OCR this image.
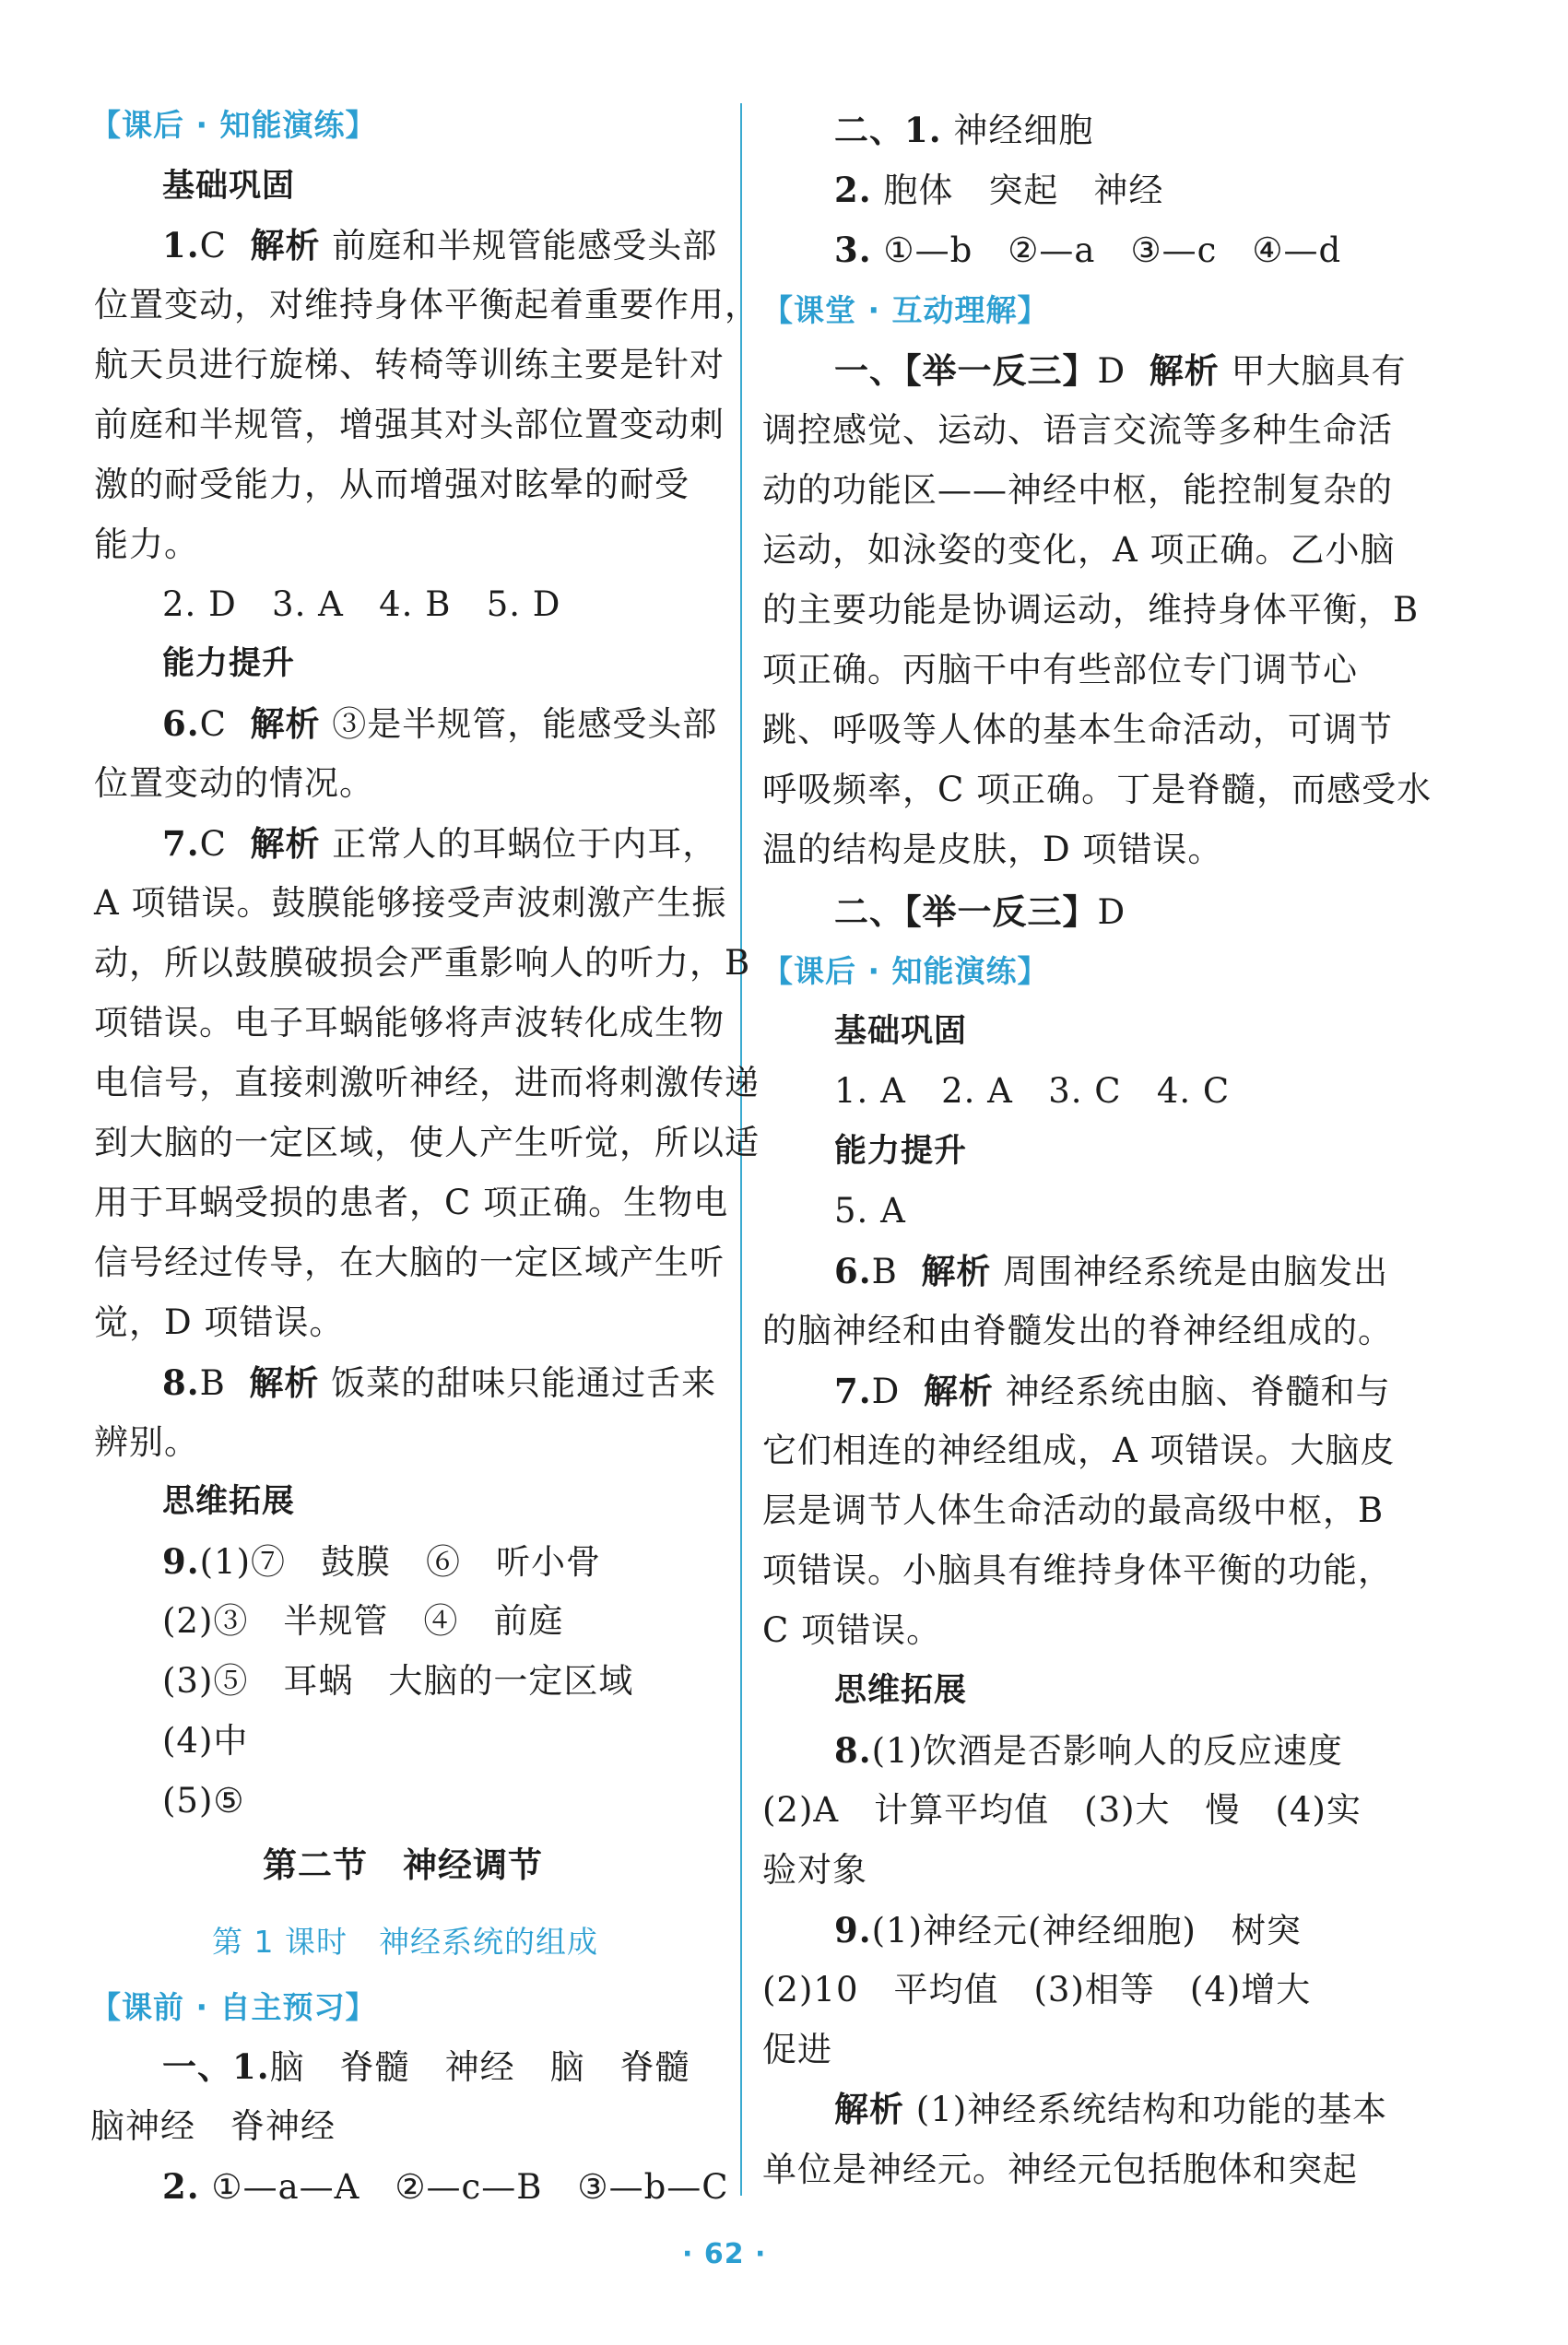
【课后 · 知能演练】
基础巩固
1.C 解析 前庭和半规管能感受头部
位置变动，对维持身体平衡起着重要作用，
航天员进行旋梯、转椅等训练主要是针对
前庭和半规管，增强其对头部位置变动刺
激的耐受能力，从而增强对眩晕的耐受
能力。
2. D 3. A 4. B 5. D
能力提升
6.C 解析 ③是半规管，能感受头部
位置变动的情况。
7.C 解析 正常人的耳蜗位于内耳，
A 项错误。鼓膜能够接受声波刺激产生振
动，所以鼓膜破损会严重影响人的听力，B
项错误。电子耳蜗能够将声波转化成生物
电信号，直接刺激听神经，进而将刺激传递
到大脑的一定区域，使人产生听觉，所以适
用于耳蜗受损的患者，C 项正确。生物电
信号经过传导，在大脑的一定区域产生听
觉，D 项错误。
8.B 解析 饭菜的甜味只能通过舌来
辨别。
思维拓展
9.(1)⑦　鼓膜　⑥　听小骨
(2)③　半规管　④　前庭
(3)⑤　耳蜗　大脑的一定区域
(4)中
(5)⑤
第二节　神经调节
第 1 课时　神经系统的组成
【课前 · 自主预习】
一、1.脑　脊髓　神经　脑　脊髓
脑神经　脊神经
2. ①—a—A　②—c—B　③—b—C
二、1. 神经细胞
2. 胞体　突起　神经
3. ①—b　②—a　③—c　④—d
【课堂 · 互动理解】
一、【举一反三】D 解析 甲大脑具有
调控感觉、运动、语言交流等多种生命活
动的功能区——神经中枢，能控制复杂的
运动，如泳姿的变化，A 项正确。乙小脑
的主要功能是协调运动，维持身体平衡，B
项正确。丙脑干中有些部位专门调节心
跳、呼吸等人体的基本生命活动，可调节
呼吸频率，C 项正确。丁是脊髓，而感受水
温的结构是皮肤，D 项错误。
二、【举一反三】D
【课后 · 知能演练】
基础巩固
1. A 2. A 3. C 4. C
能力提升
5. A
6.B 解析 周围神经系统是由脑发出
的脑神经和由脊髓发出的脊神经组成的。
7.D 解析 神经系统由脑、脊髓和与
它们相连的神经组成，A 项错误。大脑皮
层是调节人体生命活动的最高级中枢，B
项错误。小脑具有维持身体平衡的功能，
C 项错误。
思维拓展
8.(1)饮酒是否影响人的反应速度
(2)A　计算平均值　(3)大　慢　(4)实
验对象
9.(1)神经元(神经细胞)　树突
(2)10　平均值　(3)相等　(4)增大
促进
解析 (1)神经系统结构和功能的基本
单位是神经元。神经元包括胞体和突起
· 62 ·
